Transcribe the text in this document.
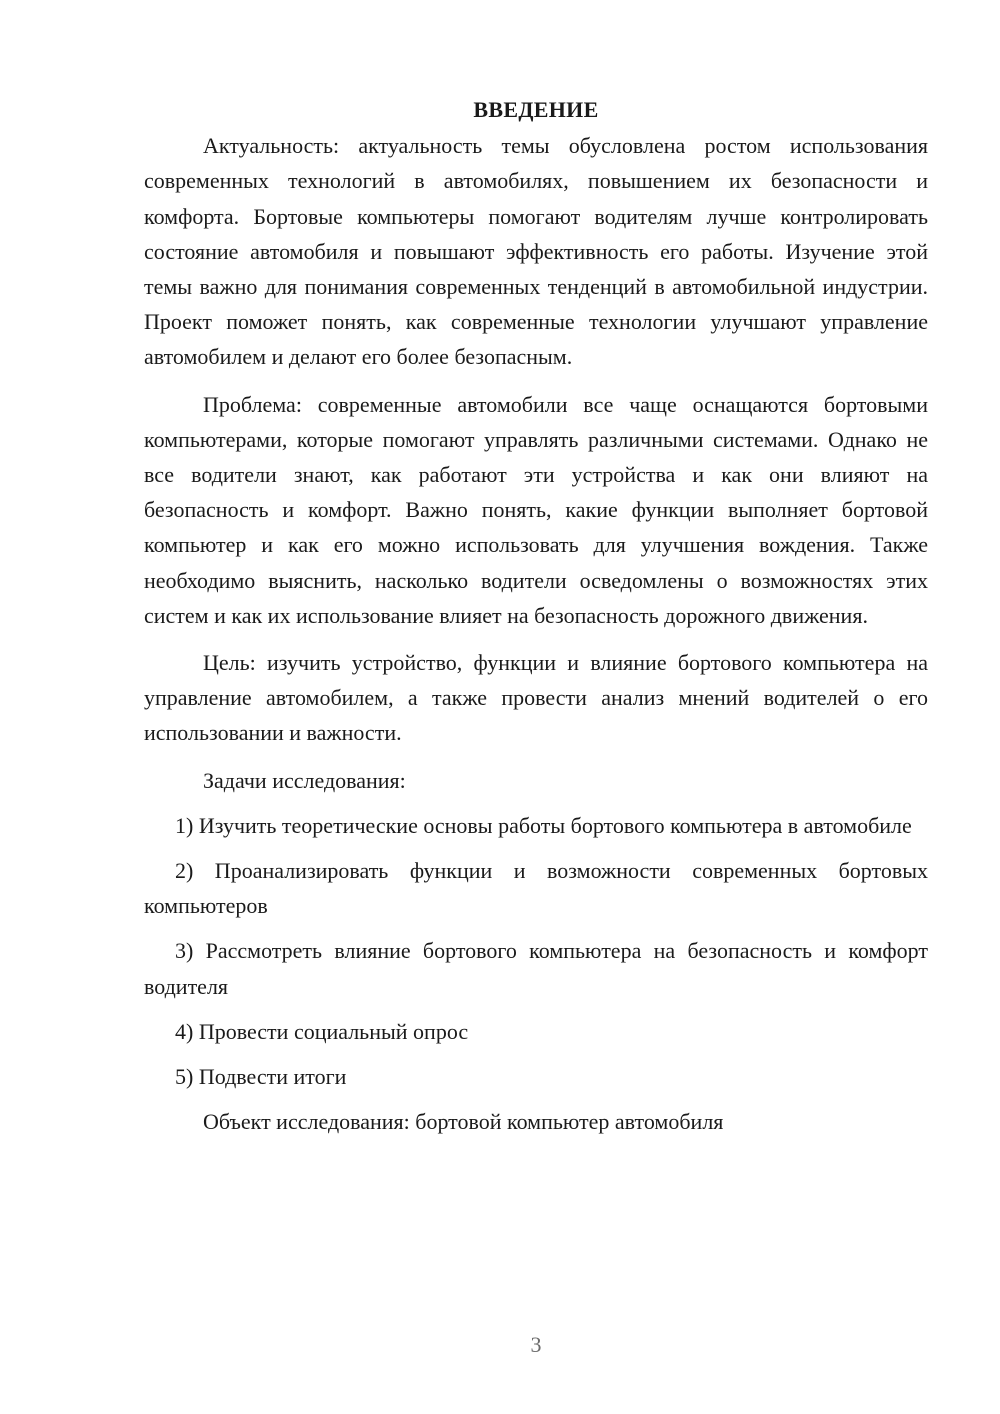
ВВЕДЕНИЕ

Актуальность: актуальность темы обусловлена ростом использования современных технологий в автомобилях, повышением их безопасности и комфорта. Бортовые компьютеры помогают водителям лучше контролировать состояние автомобиля и повышают эффективность его работы. Изучение этой темы важно для понимания современных тенденций в автомобильной индустрии. Проект поможет понять, как современные технологии улучшают управление автомобилем и делают его более безопасным.

Проблема: современные автомобили все чаще оснащаются бортовыми компьютерами, которые помогают управлять различными системами. Однако не все водители знают, как работают эти устройства и как они влияют на безопасность и комфорт. Важно понять, какие функции выполняет бортовой компьютер и как его можно использовать для улучшения вождения. Также необходимо выяснить, насколько водители осведомлены о возможностях этих систем и как их использование влияет на безопасность дорожного движения.

Цель: изучить устройство, функции и влияние бортового компьютера на управление автомобилем, а также провести анализ мнений водителей о его использовании и важности.

Задачи исследования:

1) Изучить теоретические основы работы бортового компьютера в автомобиле

2) Проанализировать функции и возможности современных бортовых компьютеров

3) Рассмотреть влияние бортового компьютера на безопасность и комфорт водителя

4) Провести социальный опрос

5) Подвести итоги

Объект исследования: бортовой компьютер автомобиля

3
